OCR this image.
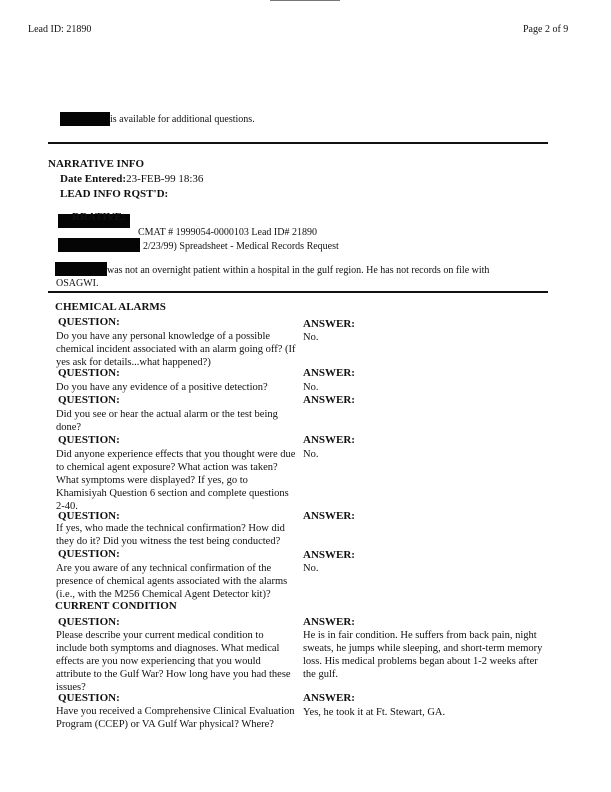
Lead ID: 21890	Page 2 of 9
is available for additional questions.
NARRATIVE INFO
Date Entered:23-FEB-99 18:36
LEAD INFO RQST'D:
RRATIVE:
CMAT # 1999054-0000103 Lead ID# 21890
2/23/99) Spreadsheet - Medical Records Request
was not an overnight patient within a hospital in the gulf region. He has not records on file with
OSAGWI.
CHEMICAL ALARMS
QUESTION:	ANSWER:
Do you have any personal knowledge of a possible chemical incident associated with an alarm going off? (If yes ask for details...what happened?)
No.
QUESTION:	ANSWER:
Do you have any evidence of a positive detection?	No.
QUESTION:	ANSWER:
Did you see or hear the actual alarm or the test being done?
QUESTION:	ANSWER:
Did anyone experience effects that you thought were due to chemical agent exposure? What action was taken? What symptoms were displayed? If yes, go to Khamisiyah Question 6 section and complete questions 2-40.
No.
QUESTION:	ANSWER:
If yes, who made the technical confirmation? How did they do it? Did you witness the test being conducted?
QUESTION:	ANSWER:
Are you aware of any technical confirmation of the presence of chemical agents associated with the alarms (i.e., with the M256 Chemical Agent Detector kit)?
No.
CURRENT CONDITION
QUESTION:	ANSWER:
Please describe your current medical condition to include both symptoms and diagnoses. What medical effects are you now experiencing that you would attribute to the Gulf War? How long have you had these issues?
He is in fair condition. He suffers from back pain, night sweats, he jumps while sleeping, and short-term memory loss. His medical problems began about 1-2 weeks after the gulf.
QUESTION:	ANSWER:
Have you received a Comprehensive Clinical Evaluation Program (CCEP) or VA Gulf War physical? Where?
Yes, he took it at Ft. Stewart, GA.
